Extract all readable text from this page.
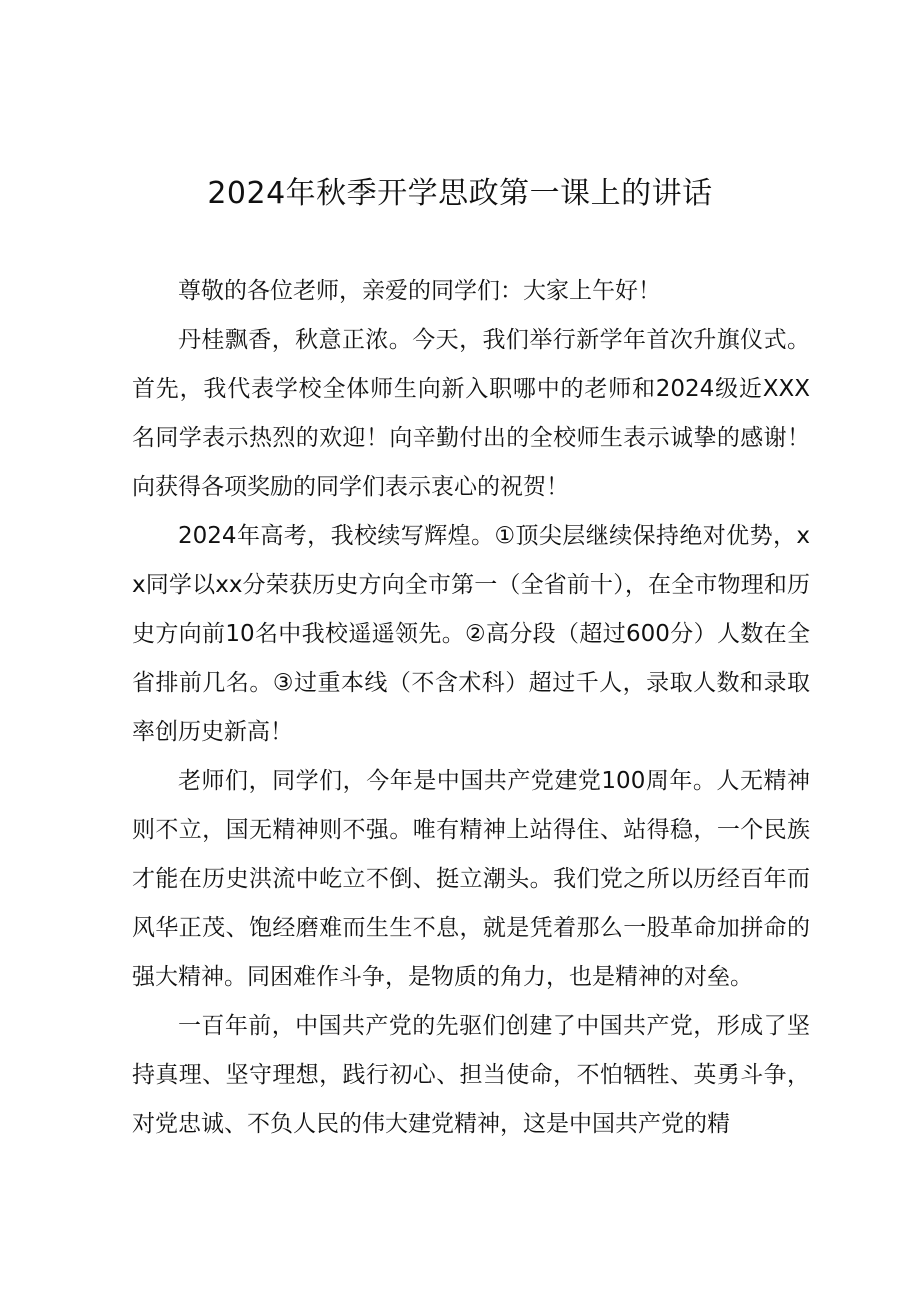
2024年秋季开学思政第一课上的讲话

尊敬的各位老师，亲爱的同学们：大家上午好！

丹桂飘香，秋意正浓。今天，我们举行新学年首次升旗仪式。首先，我代表学校全体师生向新入职哪中的老师和2024级近XXX名同学表示热烈的欢迎！向辛勤付出的全校师生表示诚挚的感谢！向获得各项奖励的同学们表示衷心的祝贺！

2024年高考，我校续写辉煌。①顶尖层继续保持绝对优势，xx同学以xx分荣获历史方向全市第一（全省前十），在全市物理和历史方向前10名中我校遥遥领先。②高分段（超过600分）人数在全省排前几名。③过重本线（不含术科）超过千人，录取人数和录取率创历史新高！

老师们，同学们，今年是中国共产党建党100周年。人无精神则不立，国无精神则不强。唯有精神上站得住、站得稳，一个民族才能在历史洪流中屹立不倒、挺立潮头。我们党之所以历经百年而风华正茂、饱经磨难而生生不息，就是凭着那么一股革命加拼命的强大精神。同困难作斗争，是物质的角力，也是精神的对垒。

一百年前，中国共产党的先驱们创建了中国共产党，形成了坚持真理、坚守理想，践行初心、担当使命，不怕牺牲、英勇斗争，对党忠诚、不负人民的伟大建党精神，这是中国共产党的精
